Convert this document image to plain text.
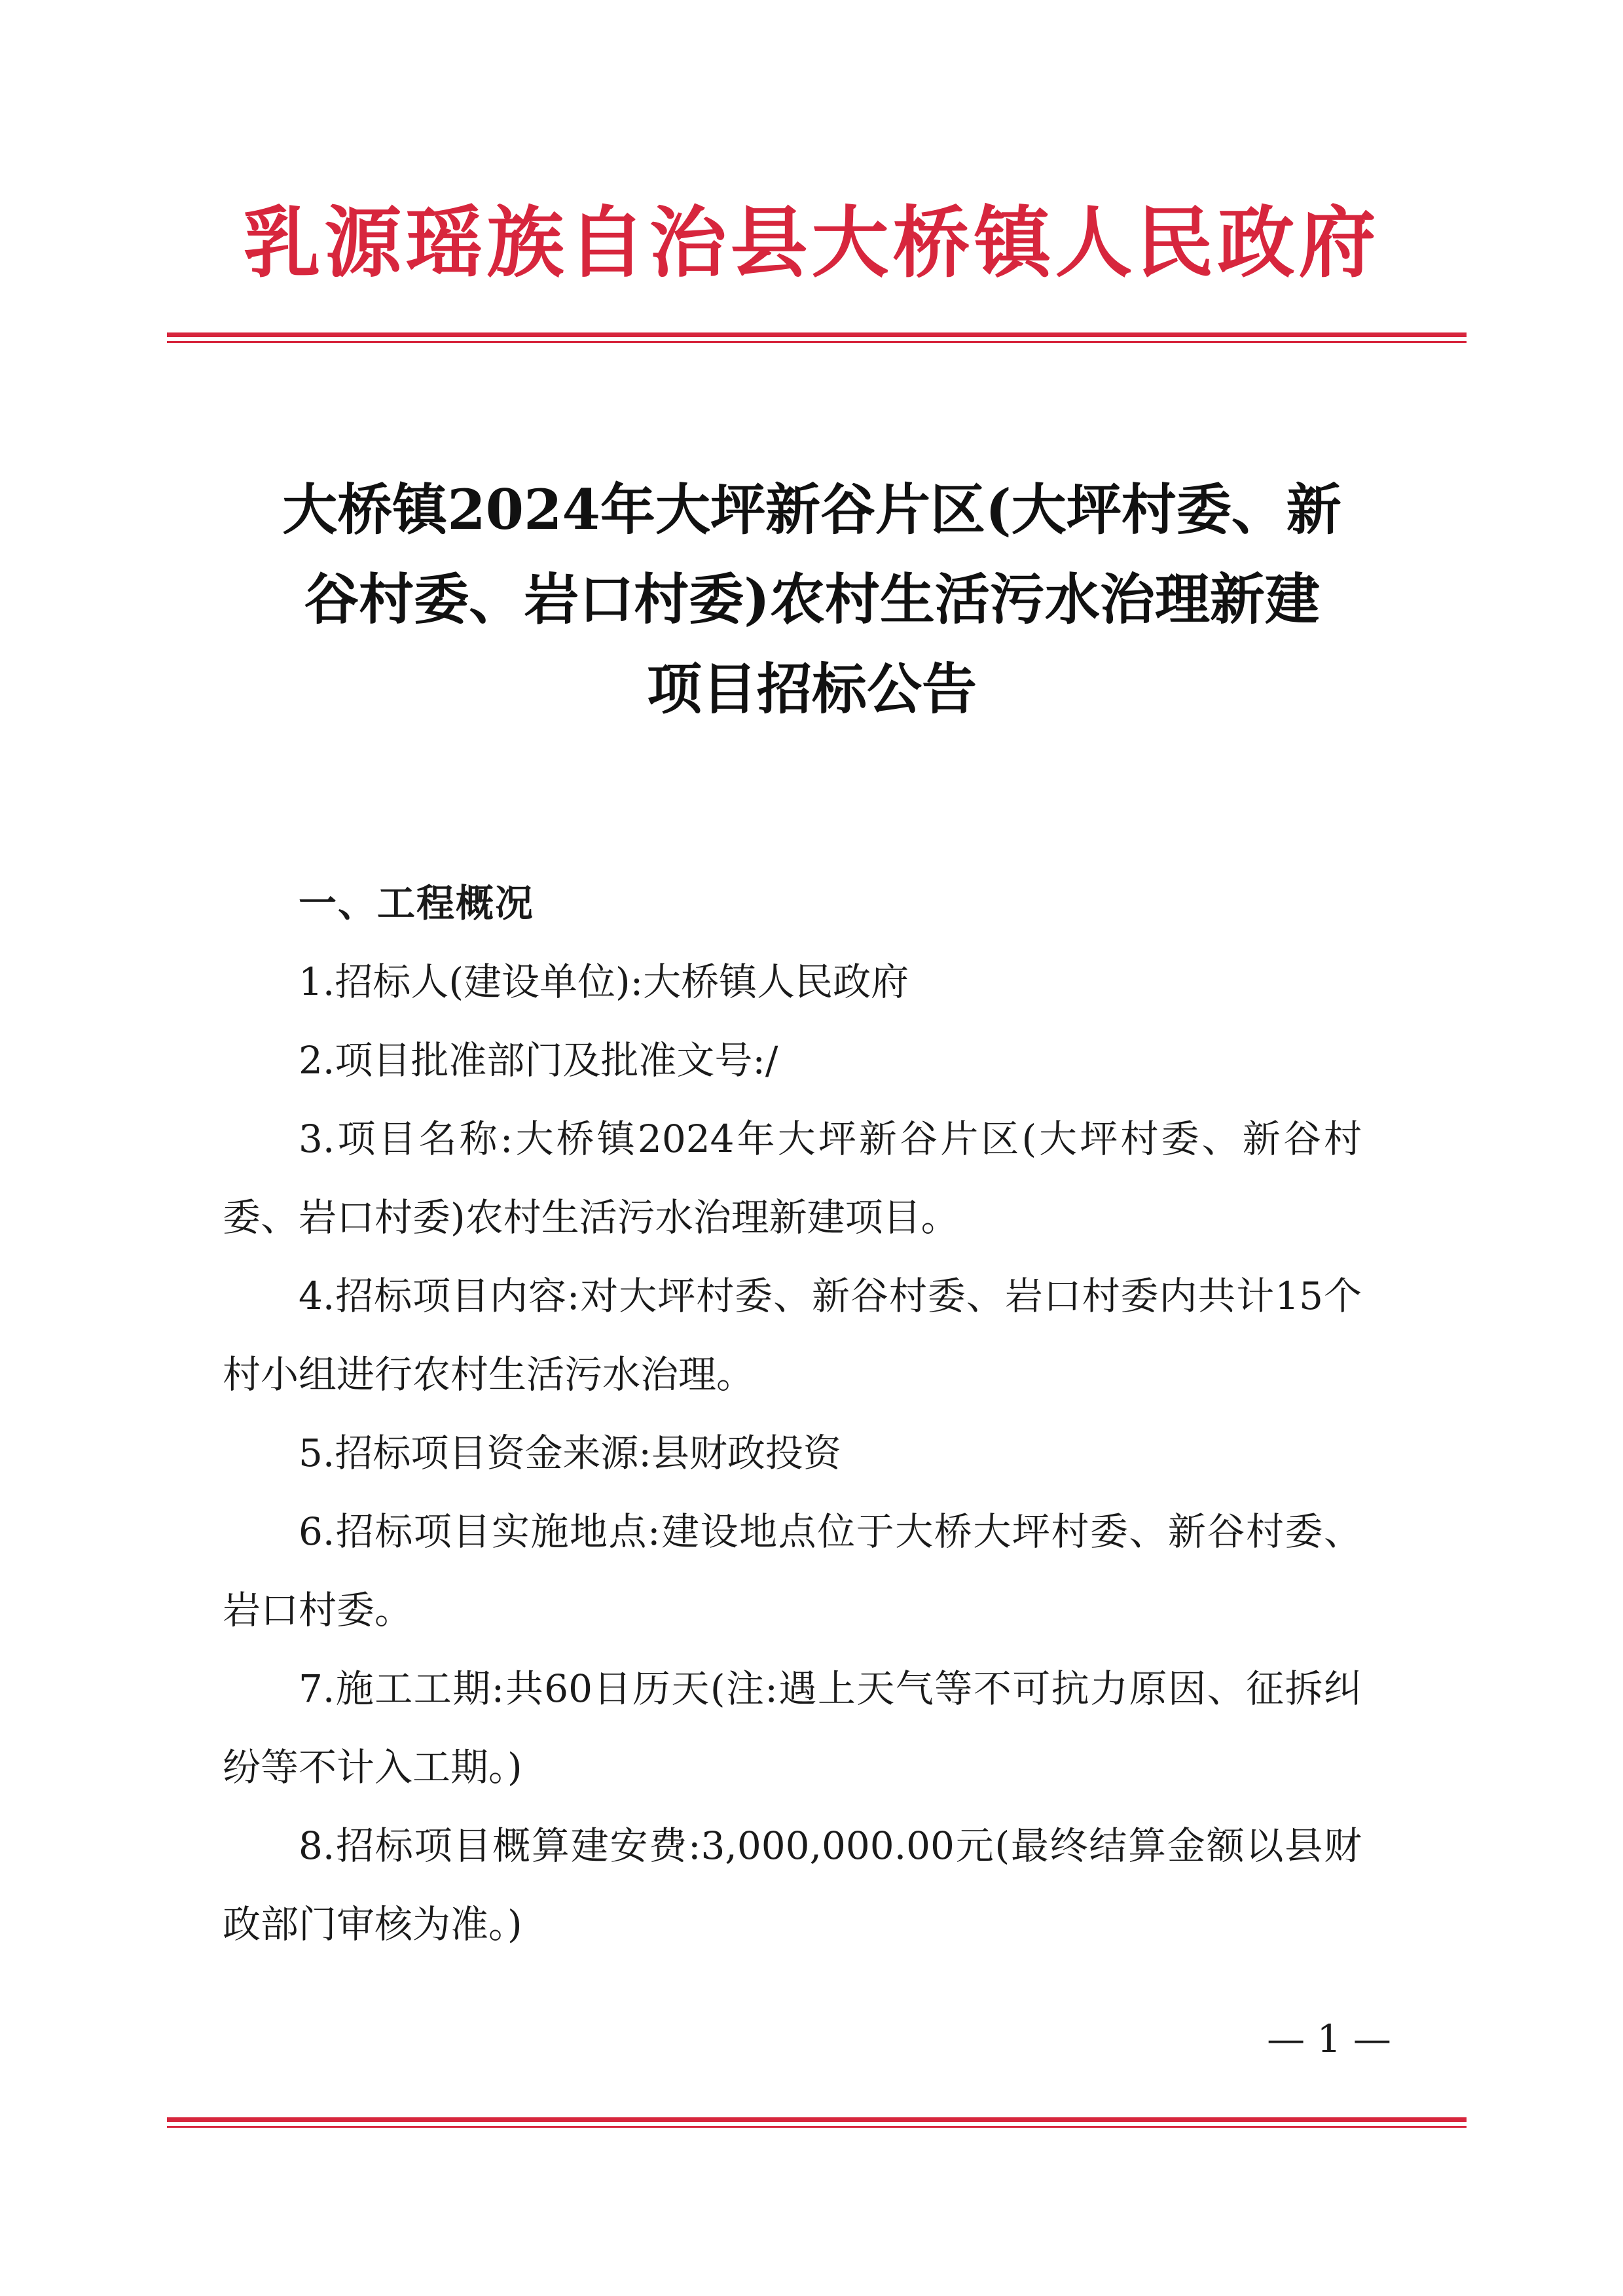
乳源瑶族自治县大桥镇人民政府
大桥镇2024年大坪新谷片区(大坪村委、新
谷村委、岩口村委)农村生活污水治理新建
项目招标公告

一、工程概况

1.招标人(建设单位):大桥镇人民政府

2.项目批准部门及批准文号:/

3.项目名称:大桥镇2024年大坪新谷片区(大坪村委、新谷村委、岩口村委)农村生活污水治理新建项目。

4.招标项目内容:对大坪村委、新谷村委、岩口村委内共计15个村小组进行农村生活污水治理。

5.招标项目资金来源:县财政投资

6.招标项目实施地点:建设地点位于大桥大坪村委、新谷村委、岩口村委。

7.施工工期:共60日历天(注:遇上天气等不可抗力原因、征拆纠纷等不计入工期。)

8.招标项目概算建安费:3,000,000.00元(最终结算金额以县财政部门审核为准。)

— 1 —
